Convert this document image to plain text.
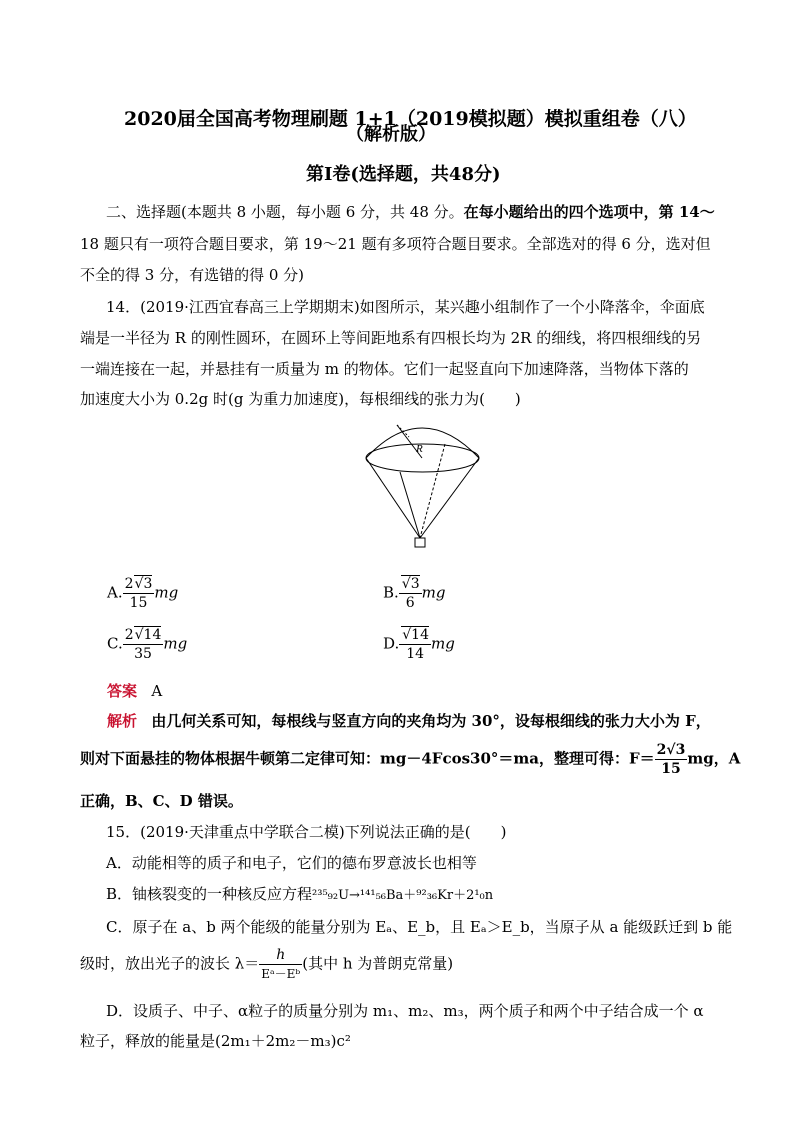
2020届全国高考物理刷题 1+1（2019模拟题）模拟重组卷（八）
（解析版）
第Ⅰ卷(选择题，共48分)
二、选择题(本题共 8 小题，每小题 6 分，共 48 分。在每小题给出的四个选项中，第 14～
18 题只有一项符合题目要求，第 19～21 题有多项符合题目要求。全部选对的得 6 分，选对但
不全的得 3 分，有选错的得 0 分)
14．(2019·江西宜春高三上学期期末)如图所示，某兴趣小组制作了一个小降落伞，伞面底
端是一半径为 R 的刚性圆环，在圆环上等间距地系有四根长均为 2R 的细线，将四根细线的另
一端连接在一起，并悬挂有一质量为 m 的物体。它们一起竖直向下加速降落，当物体下落的
加速度大小为 0.2g 时(g 为重力加速度)，每根细线的张力为(　　)
R
A. $\frac{2√3}{15}$ mg	B. $\frac{√3}{6}$ mg
C. $\frac{2√14}{35}$ mg	D. $\frac{√14}{14}$ mg
答案 A
解析 由几何关系可知，每根线与竖直方向的夹角均为 30°，设每根细线的张力大小为 F，
则对下面悬挂的物体根据牛顿第二定律可知：mg－4Fcos30°＝ma，整理可得：$F= \frac{2√3}{15}$ mg，A
正确，B、C、D 错误。
15．(2019·天津重点中学联合二模)下列说法正确的是(　　)
A．动能相等的质子和电子，它们的德布罗意波长也相等
B．铀核裂变的一种核反应方程²³⁵₉₂U→¹⁴¹₅₆Ba＋⁹²₃₆Kr＋2¹₀n
C．原子在 a、b 两个能级的能量分别为 Eₐ、E_b，且 Eₐ＞E_b，当原子从 a 能级跃迁到 b 能
级时，放出光子的波长 $\lambda= \frac{h}{\text{Eᵃ－Eᵇ}}$ (其中 h 为普朗克常量)
D．设质子、中子、α粒子的质量分别为 m₁、m₂、m₃，两个质子和两个中子结合成一个 α
粒子，释放的能量是(2m₁＋2m₂－m₃)c²
